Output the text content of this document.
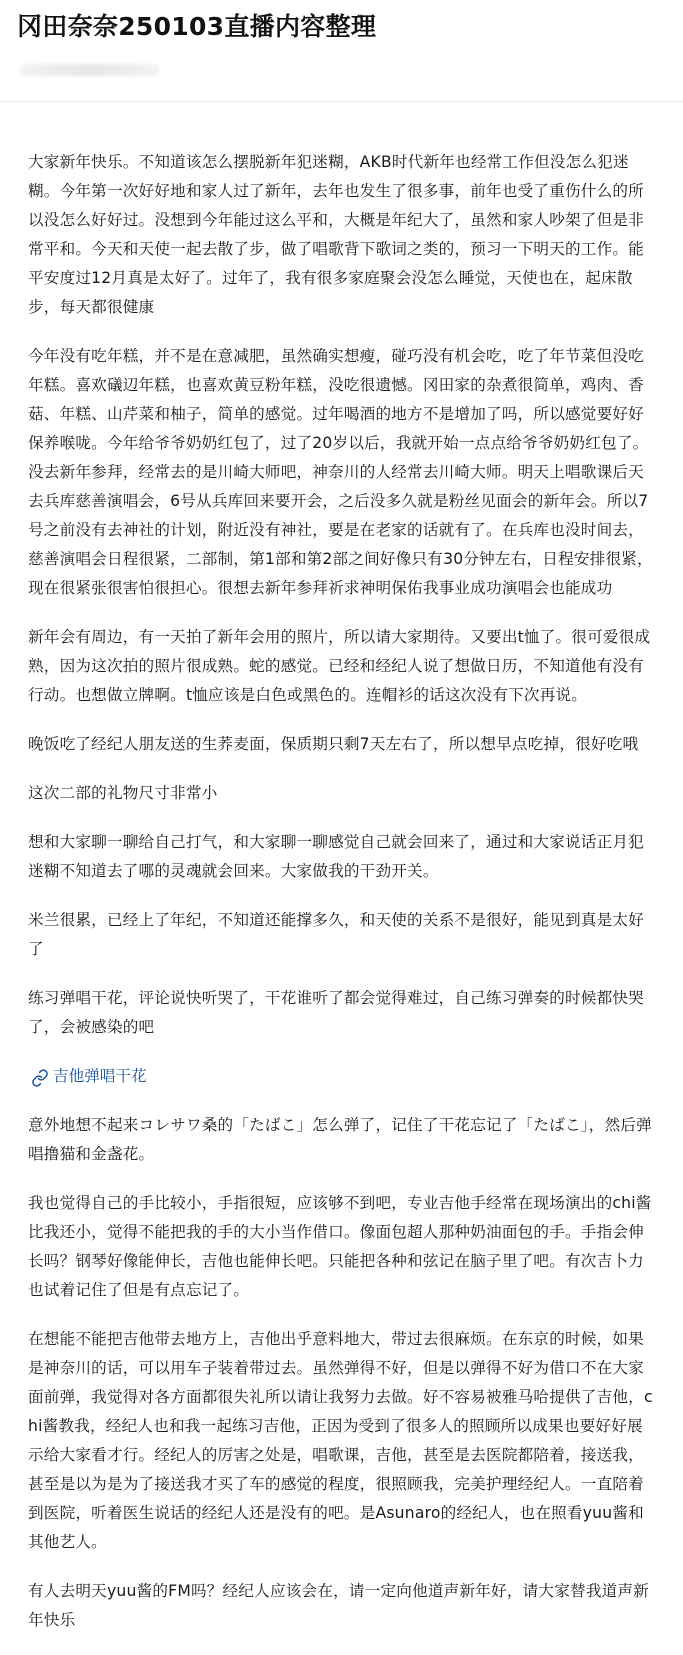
冈田奈奈250103直播内容整理

大家新年快乐。不知道该怎么摆脱新年犯迷糊，AKB时代新年也经常工作但没怎么犯迷糊。今年第一次好好地和家人过了新年，去年也发生了很多事，前年也受了重伤什么的所以没怎么好好过。没想到今年能过这么平和，大概是年纪大了，虽然和家人吵架了但是非常平和。今天和天使一起去散了步，做了唱歌背下歌词之类的，预习一下明天的工作。能平安度过12月真是太好了。过年了，我有很多家庭聚会没怎么睡觉，天使也在，起床散步，每天都很健康

今年没有吃年糕，并不是在意减肥，虽然确实想瘦，碰巧没有机会吃，吃了年节菜但没吃年糕。喜欢礒辺年糕，也喜欢黄豆粉年糕，没吃很遗憾。冈田家的杂煮很简单，鸡肉、香菇、年糕、山芹菜和柚子，简单的感觉。过年喝酒的地方不是增加了吗，所以感觉要好好保养喉咙。今年给爷爷奶奶红包了，过了20岁以后，我就开始一点点给爷爷奶奶红包了。没去新年参拜，经常去的是川崎大师吧，神奈川的人经常去川崎大师。明天上唱歌课后天去兵库慈善演唱会，6号从兵库回来要开会，之后没多久就是粉丝见面会的新年会。所以7号之前没有去神社的计划，附近没有神社，要是在老家的话就有了。在兵库也没时间去，慈善演唱会日程很紧，二部制，第1部和第2部之间好像只有30分钟左右，日程安排很紧，现在很紧张很害怕很担心。很想去新年参拜祈求神明保佑我事业成功演唱会也能成功

新年会有周边，有一天拍了新年会用的照片，所以请大家期待。又要出t恤了。很可爱很成熟，因为这次拍的照片很成熟。蛇的感觉。已经和经纪人说了想做日历，不知道他有没有行动。也想做立牌啊。t恤应该是白色或黑色的。连帽衫的话这次没有下次再说。

晚饭吃了经纪人朋友送的生荞麦面，保质期只剩7天左右了，所以想早点吃掉，很好吃哦

这次二部的礼物尺寸非常小

想和大家聊一聊给自己打气，和大家聊一聊感觉自己就会回来了，通过和大家说话正月犯迷糊不知道去了哪的灵魂就会回来。大家做我的干劲开关。

米兰很累，已经上了年纪，不知道还能撑多久，和天使的关系不是很好，能见到真是太好了

练习弹唱干花，评论说快听哭了，干花谁听了都会觉得难过，自己练习弹奏的时候都快哭了，会被感染的吧

吉他弹唱干花

意外地想不起来コレサワ桑的「たばこ」怎么弹了，记住了干花忘记了「たばこ」，然后弹唱撸猫和金盏花。

我也觉得自己的手比较小，手指很短，应该够不到吧，专业吉他手经常在现场演出的chi酱比我还小，觉得不能把我的手的大小当作借口。像面包超人那种奶油面包的手。手指会伸长吗？钢琴好像能伸长，吉他也能伸长吧。只能把各种和弦记在脑子里了吧。有次吉卜力也试着记住了但是有点忘记了。

在想能不能把吉他带去地方上，吉他出乎意料地大，带过去很麻烦。在东京的时候，如果是神奈川的话，可以用车子装着带过去。虽然弹得不好，但是以弹得不好为借口不在大家面前弹，我觉得对各方面都很失礼所以请让我努力去做。好不容易被雅马哈提供了吉他，chi酱教我，经纪人也和我一起练习吉他，正因为受到了很多人的照顾所以成果也要好好展示给大家看才行。经纪人的厉害之处是，唱歌课，吉他，甚至是去医院都陪着，接送我，甚至是以为是为了接送我才买了车的感觉的程度，很照顾我，完美护理经纪人。一直陪着到医院，听着医生说话的经纪人还是没有的吧。是Asunaro的经纪人，也在照看yuu酱和其他艺人。

有人去明天yuu酱的FM吗？经纪人应该会在，请一定向他道声新年好，请大家替我道声新年快乐
